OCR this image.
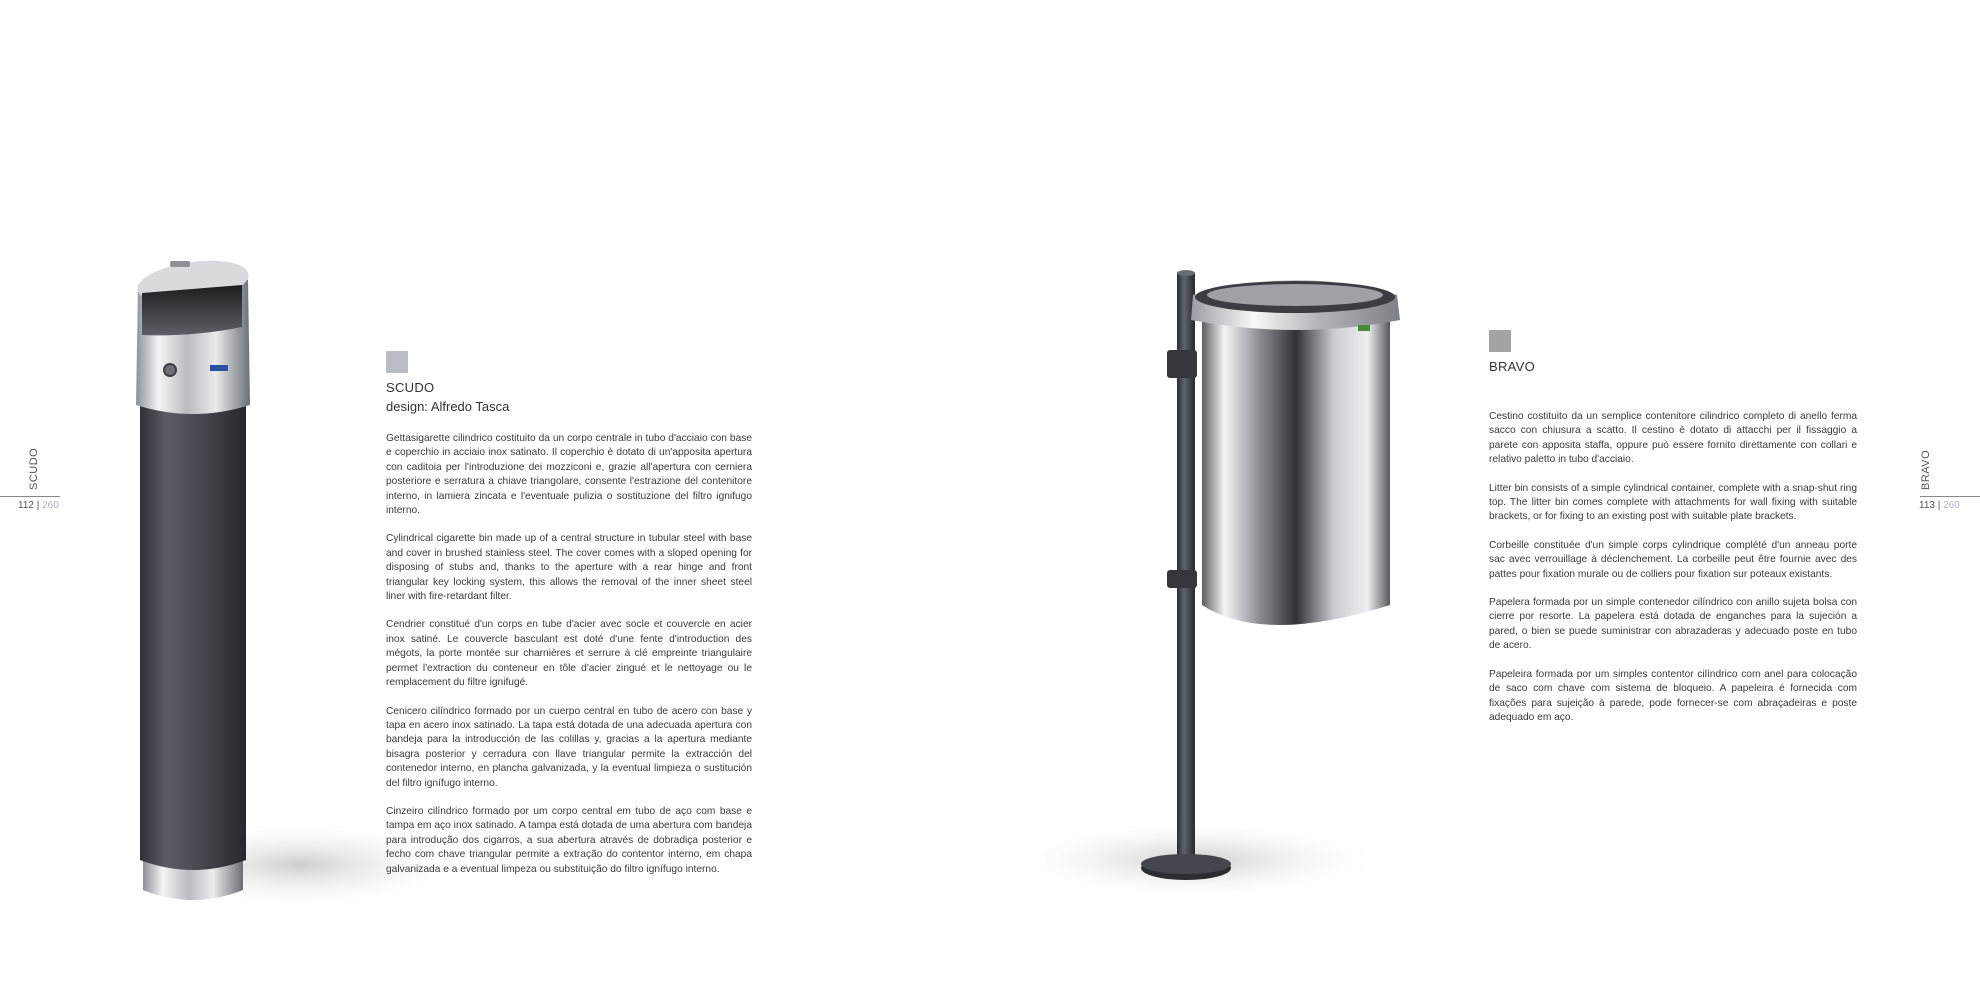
SCUDO
112 | 260
SCUDO

design: Alfredo Tasca

Gettasigarette cilindrico costituito da un corpo centrale in tubo d'acciaio con base e coperchio in acciaio inox satinato. Il coperchio è dotato di un'apposita apertura con caditoia per l'introduzione dei mozziconi e, grazie all'apertura con cerniera posteriore e serratura a chiave triangolare, consente l'estrazione del contenitore interno, in lamiera zincata e l'eventuale pulizia o sostituzione del filtro ignifugo interno.

Cylindrical cigarette bin made up of a central structure in tubular steel with base and cover in brushed stainless steel. The cover comes with a sloped opening for disposing of stubs and, thanks to the aperture with a rear hinge and front triangular key locking system, this allows the removal of the inner sheet steel liner with fire-retardant filter.

Cendrier constitué d'un corps en tube d'acier avec socle et couvercle en acier inox satiné. Le couvercle basculant est doté d'une fente d'introduction des mégots, la porte montée sur charnières et serrure à clé empreinte triangulaire permet l'extraction du conteneur en tôle d'acier zingué et le nettoyage ou le remplacement du filtre ignifugé.

Cenicero cilíndrico formado por un cuerpo central en tubo de acero con base y tapa en acero inox satinado. La tapa está dotada de una adecuada apertura con bandeja para la introducción de las colillas y, gracias a la apertura mediante bisagra posterior y cerradura con llave triangular permite la extracción del contenedor interno, en plancha galvanizada, y la eventual limpieza o sustitución del filtro ignífugo interno.

Cinzeiro cilíndrico formado por um corpo central em tubo de aço com base e tampa em aço inox satinado. A tampa está dotada de uma abertura com bandeja para introdução dos cigarros, a sua abertura através de dobradiça posterior e fecho com chave triangular permite a extração do contentor interno, em chapa galvanizada e a eventual limpeza ou substituição do filtro ignífugo interno.

BRAVO

Cestino costituito da un semplice contenitore cilindrico completo di anello ferma sacco con chiusura a scatto. Il cestino è dotato di attacchi per il fissaggio a parete con apposita staffa, oppure può essere fornito direttamente con collari e relativo paletto in tubo d'acciaio.

Litter bin consists of a simple cylindrical container, complete with a snap-shut ring top. The litter bin comes complete with attachments for wall fixing with suitable brackets, or for fixing to an existing post with suitable plate brackets.

Corbeille constituée d'un simple corps cylindrique complété d'un anneau porte sac avec verrouillage à déclenchement. La corbeille peut être fournie avec des pattes pour fixation murale ou de colliers pour fixation sur poteaux existants.

Papelera formada por un simple contenedor cilíndrico con anillo sujeta bolsa con cierre por resorte. La papelera está dotada de enganches para la sujeción a pared, o bien se puede suministrar con abrazaderas y adecuado poste en tubo de acero.

Papeleira formada por um simples contentor cilíndrico com anel para colocação de saco com chave com sistema de bloqueio. A papeleira é fornecida com fixações para sujeição à parede, pode fornecer-se com abraçadeiras e poste adequado em aço.

BRAVO
113 | 260
